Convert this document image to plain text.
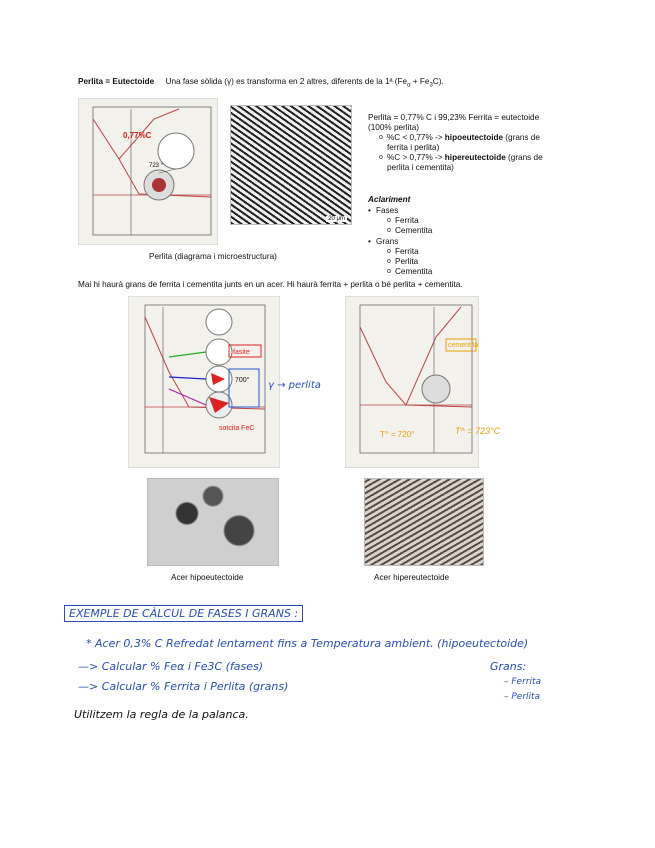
Perlita = Eutectoide Una fase sòlida (γ) es transforma en 2 altres, diferents de la 1ª $(Fe_\alpha + Fe_3C)$.
0,77%C
723 °
20 μm
Perlita (diagrama i microestructura)
Perlita = 0,77% C i 99,23% Ferrita = eutectoide
(100% perlita)
o %C < 0,77% -> hipoeutectoide (grans de
ferrita i perlita)
o %C > 0,77% -> hipereutectoide (grans de
perlita i cementita)
Aclariment
• Fases
o Ferrita
o Cementita
• Grans
o Ferrita
o Perlita
o Cementita
Mai hi haurà grans de ferrita i cementita junts en un acer. Hi haurà ferrita + perlita o bé perlita + cementita.
fasite
700°
sotcita FeC
γ → perlita
cementita
T^ = 720°	T^ = 723°C
Acer hipoeutectoide	Acer hipereutectoide
EXEMPLE DE CÀLCUL DE FASES I GRANS :
* Acer 0,3% C Refredat lentament fins a Temperatura ambient. (hipoeutectoide)
—> Calcular % Feα i Fe3C (fases)
—> Calcular % Ferrita i Perlita (grans)
Utilitzem la regla de la palanca.
Grans:
– Ferrita
– Perlita
